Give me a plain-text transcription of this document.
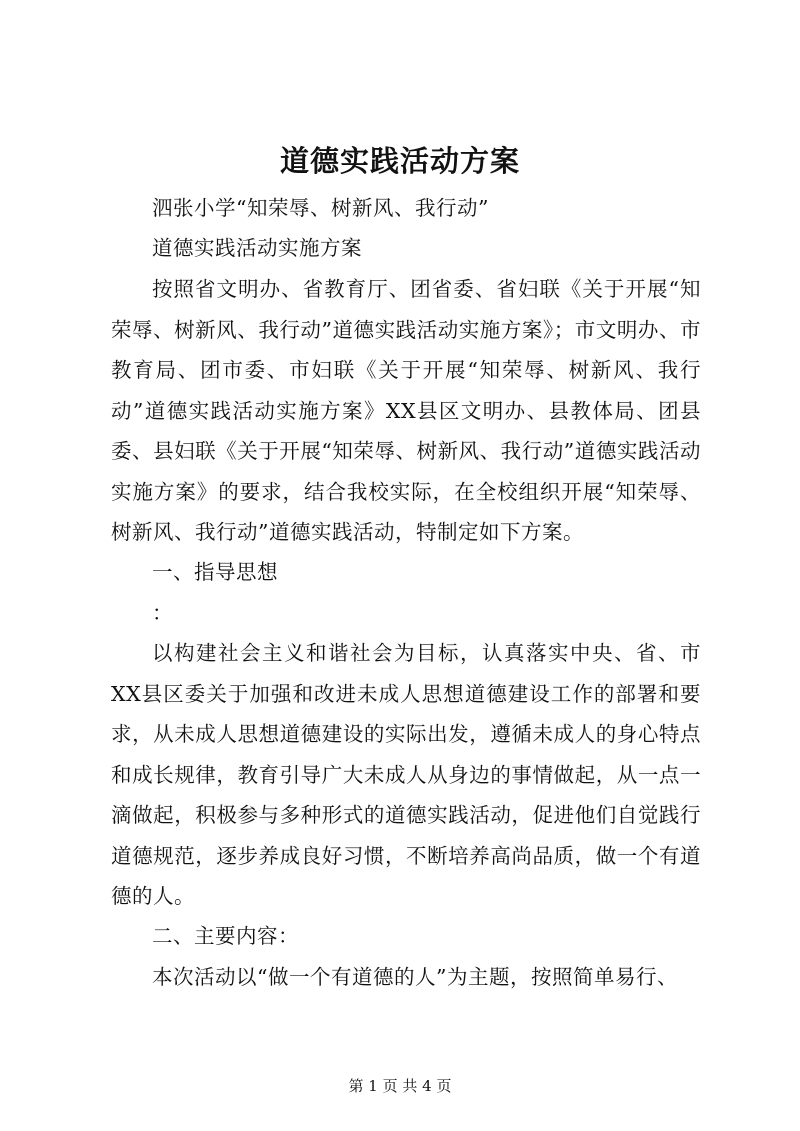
道德实践活动方案
泗张小学“知荣辱、树新风、我行动”
道德实践活动实施方案
按照省文明办、省教育厅、团省委、省妇联《关于开展“知荣辱、树新风、我行动”道德实践活动实施方案》；市文明办、市教育局、团市委、市妇联《关于开展“知荣辱、树新风、我行动”道德实践活动实施方案》XX县区文明办、县教体局、团县委、县妇联《关于开展“知荣辱、树新风、我行动”道德实践活动实施方案》的要求，结合我校实际，在全校组织开展“知荣辱、树新风、我行动”道德实践活动，特制定如下方案。
一、指导思想
：
以构建社会主义和谐社会为目标，认真落实中央、省、市XX县区委关于加强和改进未成人思想道德建设工作的部署和要求，从未成人思想道德建设的实际出发，遵循未成人的身心特点和成长规律，教育引导广大未成人从身边的事情做起，从一点一滴做起，积极参与多种形式的道德实践活动，促进他们自觉践行道德规范，逐步养成良好习惯，不断培养高尚品质，做一个有道德的人。
二、主要内容：
本次活动以“做一个有道德的人”为主题，按照简单易行、
第 1 页 共 4 页
